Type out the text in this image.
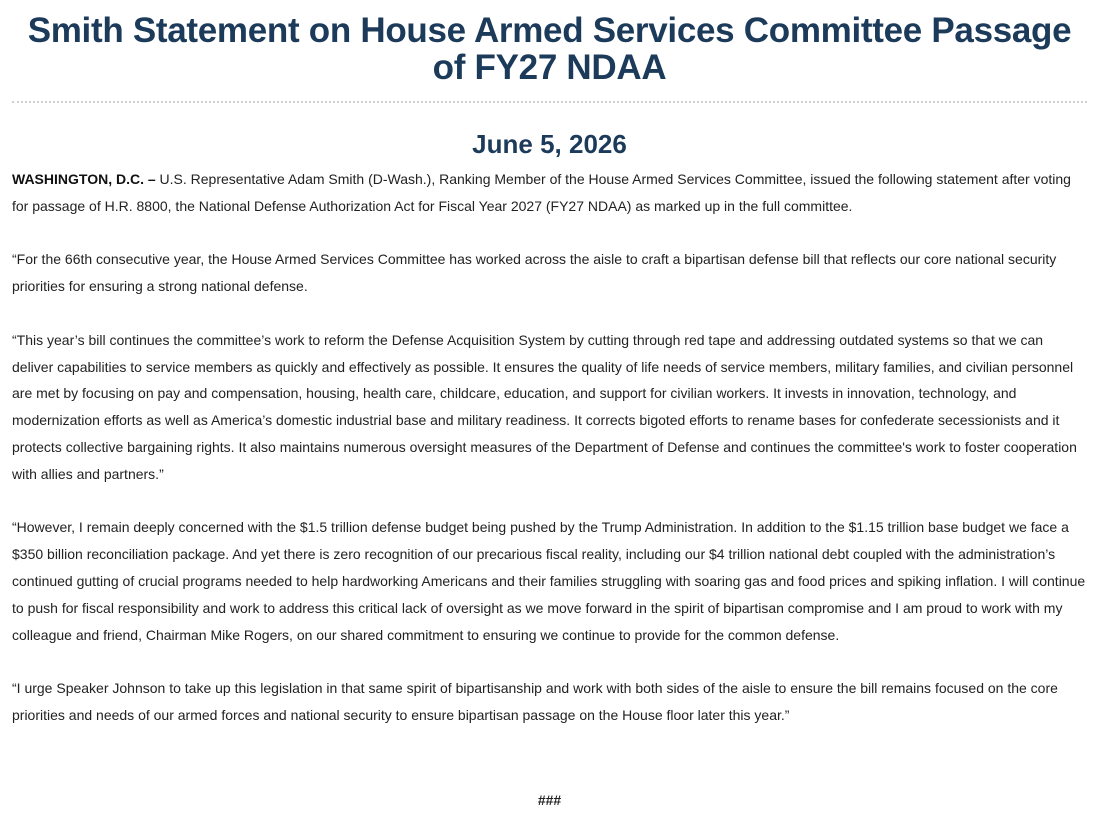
Smith Statement on House Armed Services Committee Passage of FY27 NDAA
June 5, 2026

WASHINGTON, D.C. – U.S. Representative Adam Smith (D-Wash.), Ranking Member of the House Armed Services Committee, issued the following statement after voting for passage of H.R. 8800, the National Defense Authorization Act for Fiscal Year 2027 (FY27 NDAA) as marked up in the full committee.

“For the 66th consecutive year, the House Armed Services Committee has worked across the aisle to craft a bipartisan defense bill that reflects our core national security priorities for ensuring a strong national defense.

“This year’s bill continues the committee’s work to reform the Defense Acquisition System by cutting through red tape and addressing outdated systems so that we can deliver capabilities to service members as quickly and effectively as possible. It ensures the quality of life needs of service members, military families, and civilian personnel are met by focusing on pay and compensation, housing, health care, childcare, education, and support for civilian workers. It invests in innovation, technology, and modernization efforts as well as America’s domestic industrial base and military readiness. It corrects bigoted efforts to rename bases for confederate secessionists and it protects collective bargaining rights. It also maintains numerous oversight measures of the Department of Defense and continues the committee's work to foster cooperation with allies and partners.”

“However, I remain deeply concerned with the $1.5 trillion defense budget being pushed by the Trump Administration. In addition to the $1.15 trillion base budget we face a $350 billion reconciliation package. And yet there is zero recognition of our precarious fiscal reality, including our $4 trillion national debt coupled with the administration’s continued gutting of crucial programs needed to help hardworking Americans and their families struggling with soaring gas and food prices and spiking inflation. I will continue to push for fiscal responsibility and work to address this critical lack of oversight as we move forward in the spirit of bipartisan compromise and I am proud to work with my colleague and friend, Chairman Mike Rogers, on our shared commitment to ensuring we continue to provide for the common defense.

“I urge Speaker Johnson to take up this legislation in that same spirit of bipartisanship and work with both sides of the aisle to ensure the bill remains focused on the core priorities and needs of our armed forces and national security to ensure bipartisan passage on the House floor later this year.”

###
